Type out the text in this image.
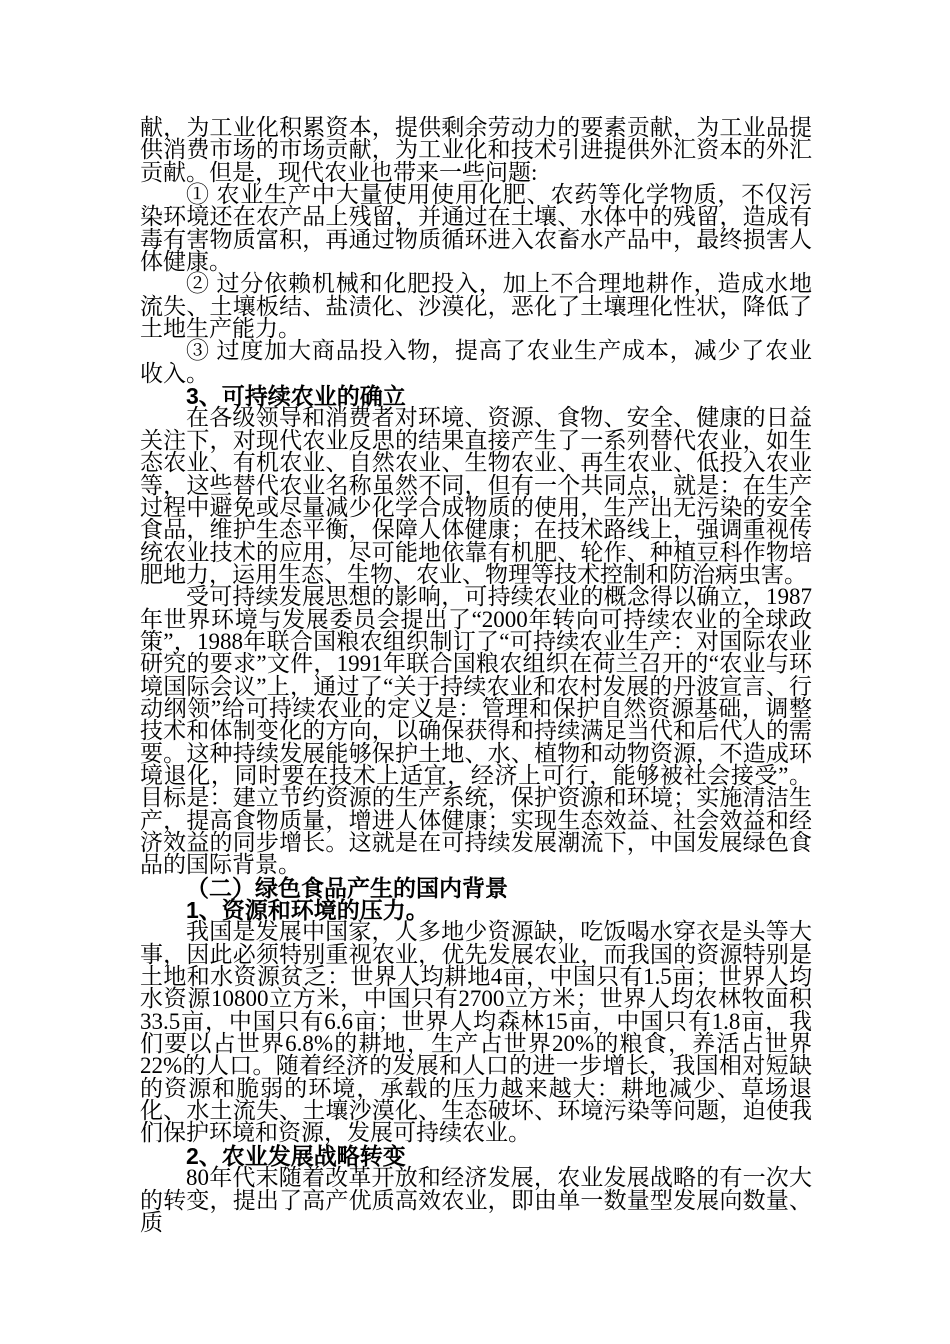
献，为工业化积累资本，提供剩余劳动力的要素贡献，为工业品提供消费市场的市场贡献，为工业化和技术引进提供外汇资本的外汇贡献。但是，现代农业也带来一些问题:

① 农业生产中大量使用使用化肥、农药等化学物质，不仅污染环境还在农产品上残留，并通过在土壤、水体中的残留，造成有毒有害物质富积，再通过物质循环进入农畜水产品中，最终损害人体健康。

② 过分依赖机械和化肥投入，加上不合理地耕作，造成水地流失、土壤板结、盐渍化、沙漠化，恶化了土壤理化性状，降低了土地生产能力。

③ 过度加大商品投入物，提高了农业生产成本，减少了农业收入。

3、可持续农业的确立

在各级领导和消费者对环境、资源、食物、安全、健康的日益关注下，对现代农业反思的结果直接产生了一系列替代农业，如生态农业、有机农业、自然农业、生物农业、再生农业、低投入农业等，这些替代农业名称虽然不同，但有一个共同点，就是：在生产过程中避免或尽量减少化学合成物质的使用，生产出无污染的安全食品，维护生态平衡，保障人体健康；在技术路线上，强调重视传统农业技术的应用，尽可能地依靠有机肥、轮作、种植豆科作物培肥地力，运用生态、生物、农业、物理等技术控制和防治病虫害。

受可持续发展思想的影响，可持续农业的概念得以确立，1987年世界环境与发展委员会提出了“2000年转向可持续农业的全球政策”，1988年联合国粮农组织制订了“可持续农业生产：对国际农业研究的要求”文件，1991年联合国粮农组织在荷兰召开的“农业与环境国际会议”上，通过了“关于持续农业和农村发展的丹波宣言、行动纲领”给可持续农业的定义是：管理和保护自然资源基础，调整技术和体制变化的方向，以确保获得和持续满足当代和后代人的需要。这种持续发展能够保护土地、水、植物和动物资源，不造成环境退化，同时要在技术上适宜，经济上可行，能够被社会接受”。目标是：建立节约资源的生产系统，保护资源和环境；实施清洁生产，提高食物质量，增进人体健康；实现生态效益、社会效益和经济效益的同步增长。这就是在可持续发展潮流下，中国发展绿色食品的国际背景。

（二）绿色食品产生的国内背景

1、资源和环境的压力。

我国是发展中国家，人多地少资源缺，吃饭喝水穿衣是头等大事，因此必须特别重视农业，优先发展农业，而我国的资源特别是土地和水资源贫乏：世界人均耕地4亩，中国只有1.5亩；世界人均水资源10800立方米，中国只有2700立方米；世界人均农林牧面积33.5亩，中国只有6.6亩；世界人均森林15亩，中国只有1.8亩，我们要以占世界6.8%的耕地，生产占世界20%的粮食，养活占世界22%的人口。随着经济的发展和人口的进一步增长，我国相对短缺的资源和脆弱的环境，承载的压力越来越大：耕地减少、草场退化、水土流失、土壤沙漠化、生态破坏、环境污染等问题，迫使我们保护环境和资源，发展可持续农业。

2、农业发展战略转变

80年代末随着改革开放和经济发展，农业发展战略的有一次大的转变，提出了高产优质高效农业，即由单一数量型发展向数量、质
